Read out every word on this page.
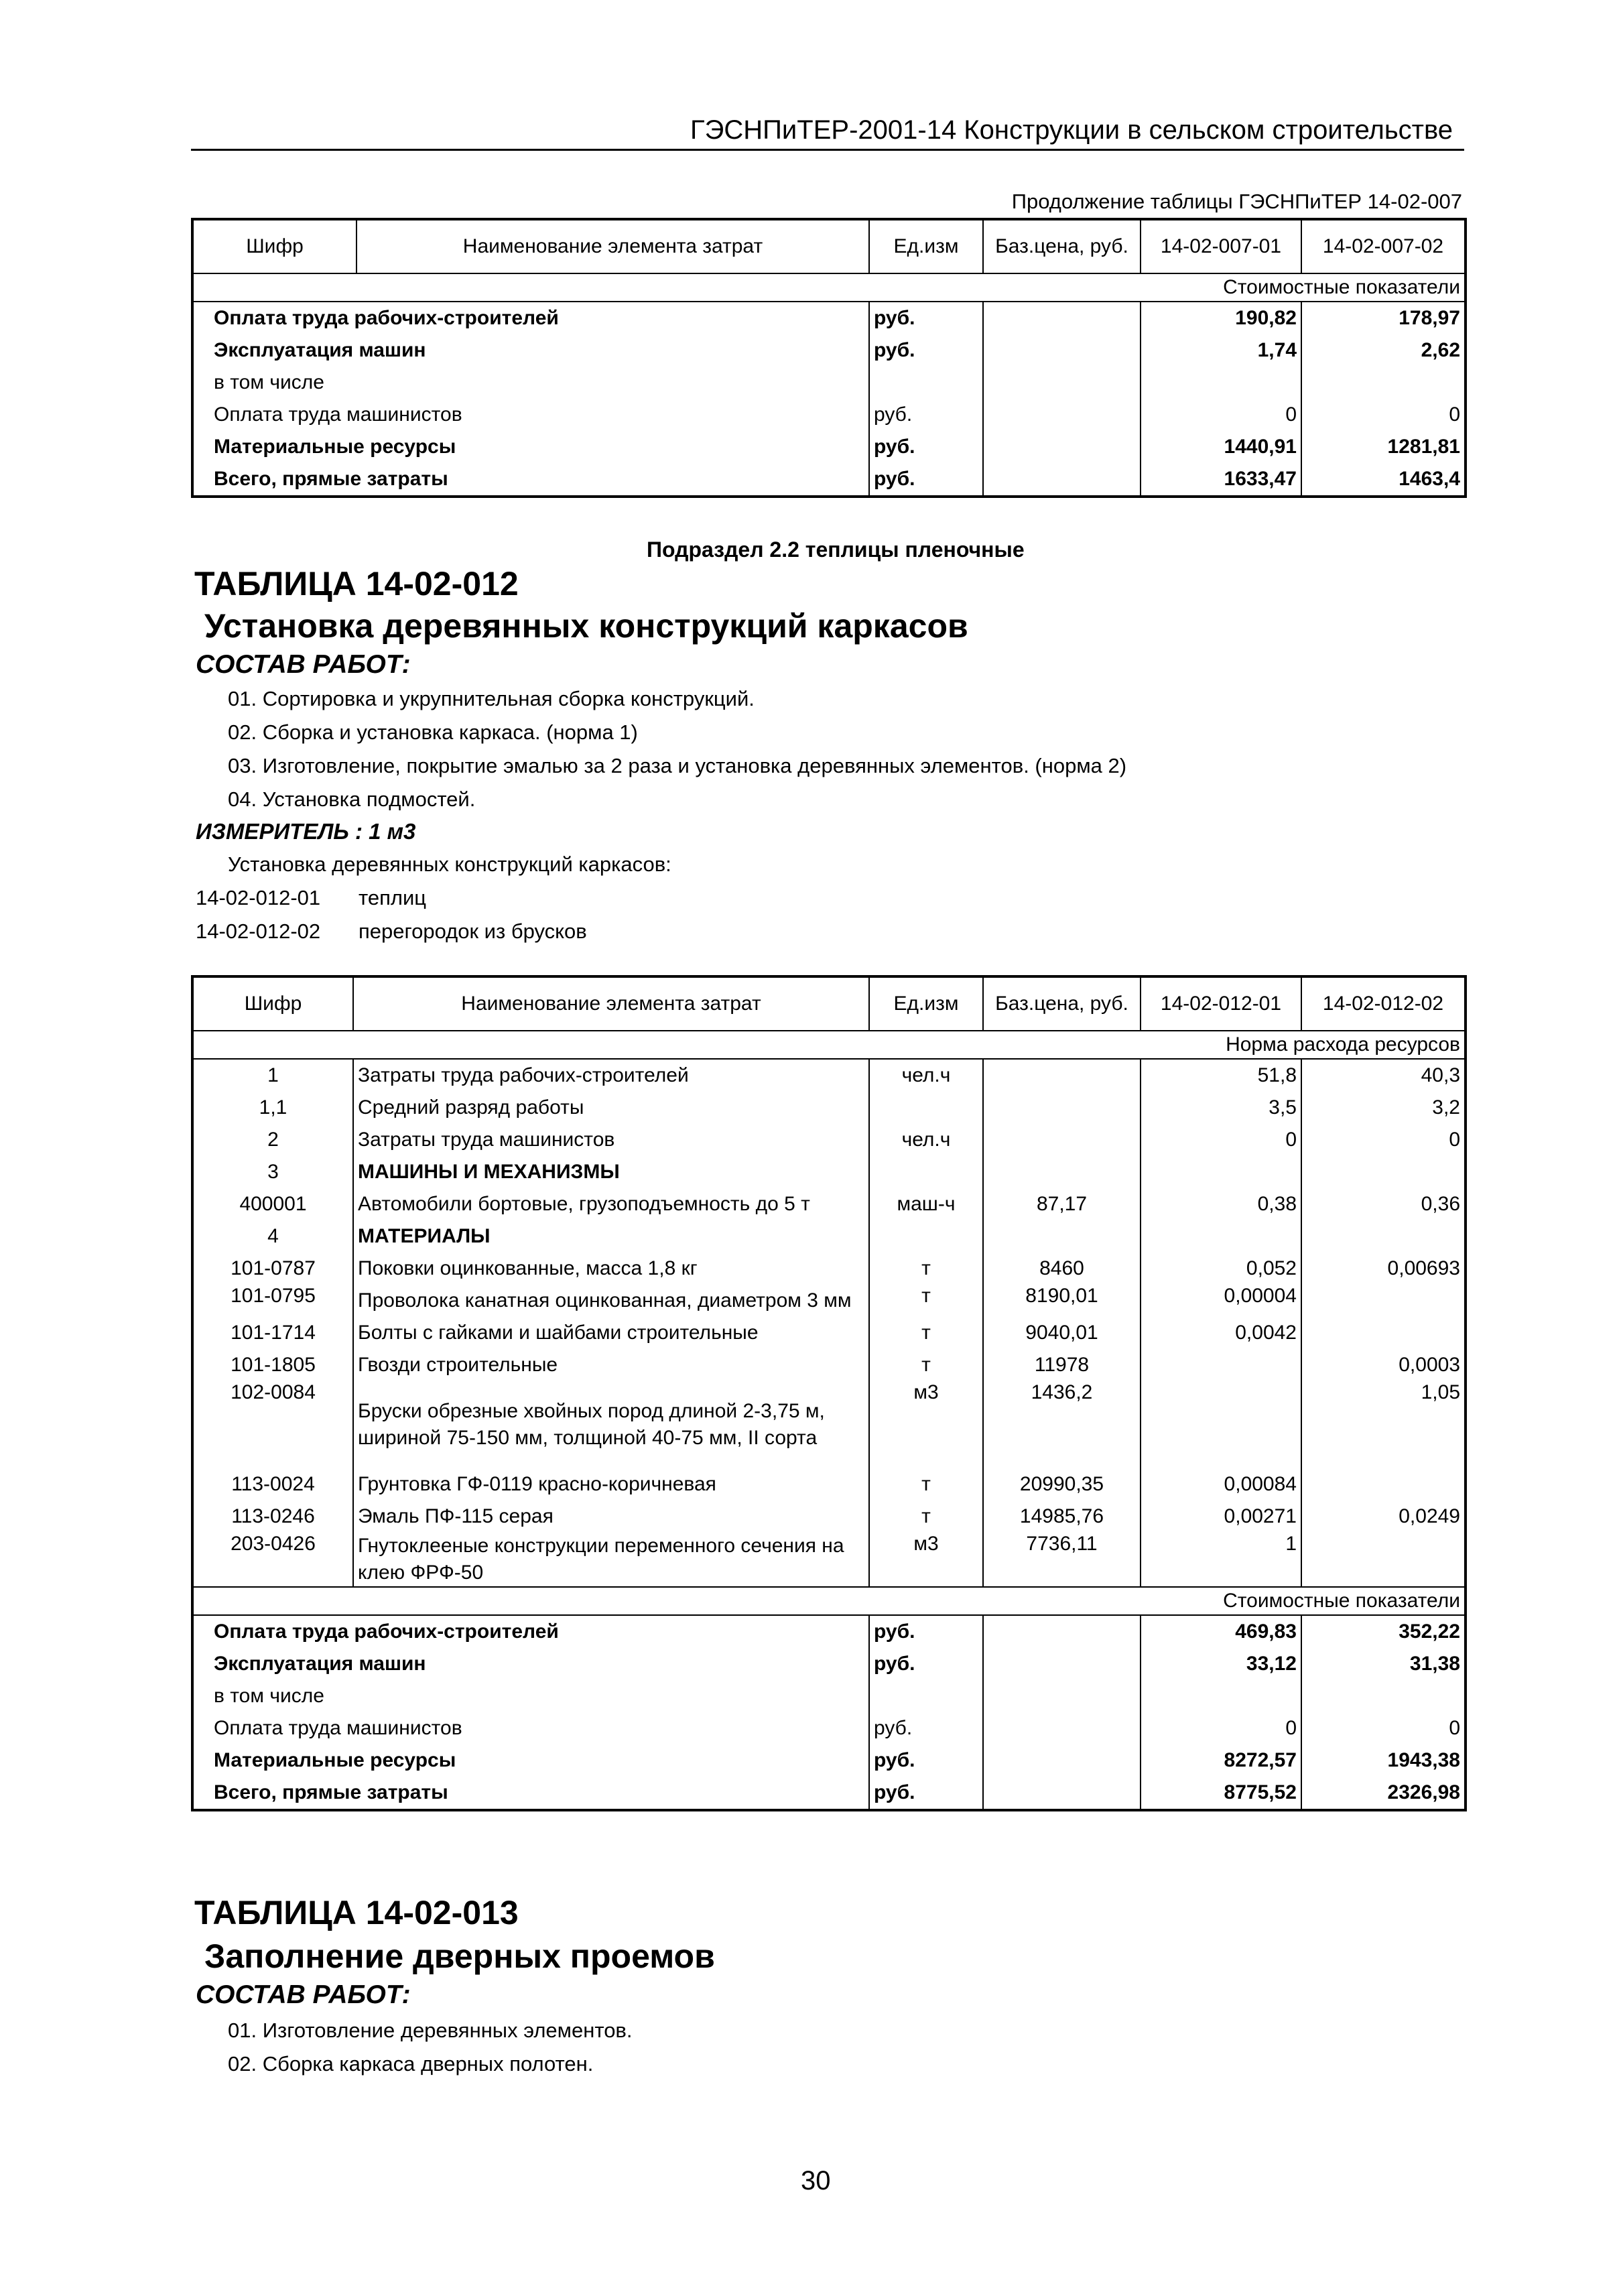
ГЭСНПиТЕР-2001-14 Конструкции в сельском строительстве
Продолжение таблицы ГЭСНПиТЕР 14-02-007
Шифр	Наименование элемента затрат	Ед.изм	Баз.цена, руб.	14-02-007-01	14-02-007-02
Стоимостные показатели					
Оплата труда рабочих-строителей		руб.		190,82	178,97
Эксплуатация машин		руб.		1,74	2,62
в том числе					
Оплата труда машинистов		руб.		0	0
Материальные ресурсы		руб.		1440,91	1281,81
Всего, прямые затраты		руб.		1633,47	1463,4
Подраздел 2.2 теплицы пленочные
ТАБЛИЦА 14-02-012
Установка деревянных конструкций каркасов
СОСТАВ РАБОТ:
01. Сортировка и укрупнительная сборка конструкций.
02. Сборка и установка каркаса. (норма 1)
03. Изготовление, покрытие эмалью за 2 раза и установка деревянных элементов. (норма 2)
04. Установка подмостей.
ИЗМЕРИТЕЛЬ : 1 м3
Установка деревянных конструкций каркасов:
14-02-012-01 теплиц
14-02-012-02 перегородок из брусков
Шифр	Наименование элемента затрат	Ед.изм	Баз.цена, руб.	14-02-012-01	14-02-012-02
Норма расхода ресурсов					
1	Затраты труда рабочих-строителей	чел.ч		51,8	40,3
1,1	Средний разряд работы			3,5	3,2
2	Затраты труда машинистов	чел.ч		0	0
3	МАШИНЫ И МЕХАНИЗМЫ				
400001	Автомобили бортовые, грузоподъемность до 5 т	маш-ч	87,17	0,38	0,36
4	МАТЕРИАЛЫ				
101-0787	Поковки оцинкованные, масса 1,8 кг	т	8460	0,052	0,00693
101-0795	Проволока канатная оцинкованная, диаметром 3 мм	т	8190,01	0,00004	
101-1714	Болты с гайками и шайбами строительные	т	9040,01	0,0042	
101-1805	Гвозди строительные	т	11978		0,0003
102-0084	Бруски обрезные хвойных пород длиной 2-3,75 м, шириной 75-150 мм, толщиной 40-75 мм, II сорта	м3	1436,2		1,05
113-0024	Грунтовка ГФ-0119 красно-коричневая	т	20990,35	0,00084	
113-0246	Эмаль ПФ-115 серая	т	14985,76	0,00271	0,0249
203-0426	Гнутоклееные конструкции переменного сечения на клею ФРФ-50	м3	7736,11	1	
Стоимостные показатели					
Оплата труда рабочих-строителей		руб.		469,83	352,22
Эксплуатация машин		руб.		33,12	31,38
в том числе					
Оплата труда машинистов		руб.		0	0
Материальные ресурсы		руб.		8272,57	1943,38
Всего, прямые затраты		руб.		8775,52	2326,98
ТАБЛИЦА 14-02-013
Заполнение дверных проемов
СОСТАВ РАБОТ:
01. Изготовление деревянных элементов.
02. Сборка каркаса дверных полотен.
30
